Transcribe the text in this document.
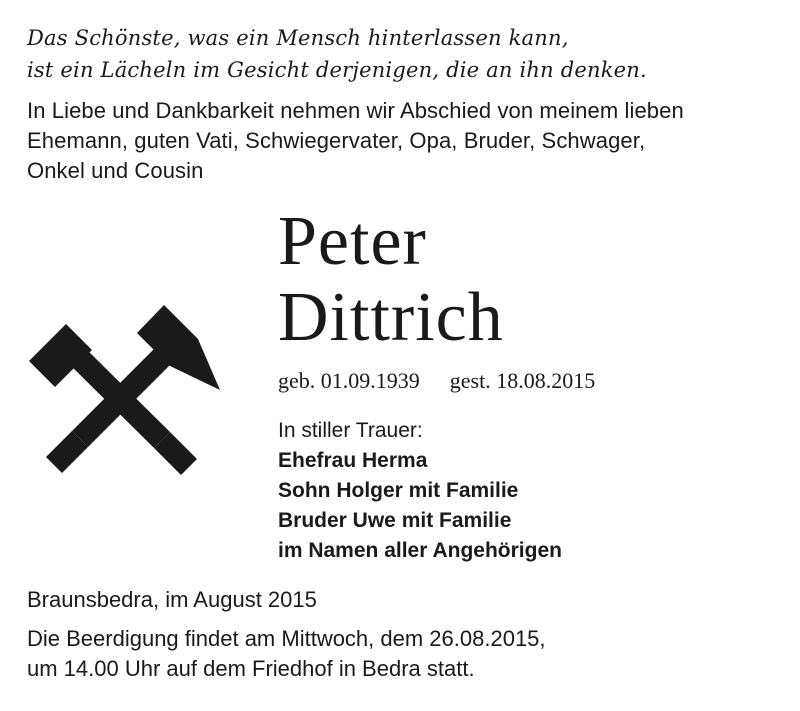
Das Schönste, was ein Mensch hinterlassen kann,
ist ein Lächeln im Gesicht derjenigen, die an ihn denken.
In Liebe und Dankbarkeit nehmen wir Abschied von meinem lieben
Ehemann, guten Vati, Schwiegervater, Opa, Bruder, Schwager,
Onkel und Cousin
Peter
Dittrich
geb. 01.09.1939 gest. 18.08.2015
In stiller Trauer:
Ehefrau Herma
Sohn Holger mit Familie
Bruder Uwe mit Familie
im Namen aller Angehörigen
Braunsbedra, im August 2015
Die Beerdigung findet am Mittwoch, dem 26.08.2015,
um 14.00 Uhr auf dem Friedhof in Bedra statt.
